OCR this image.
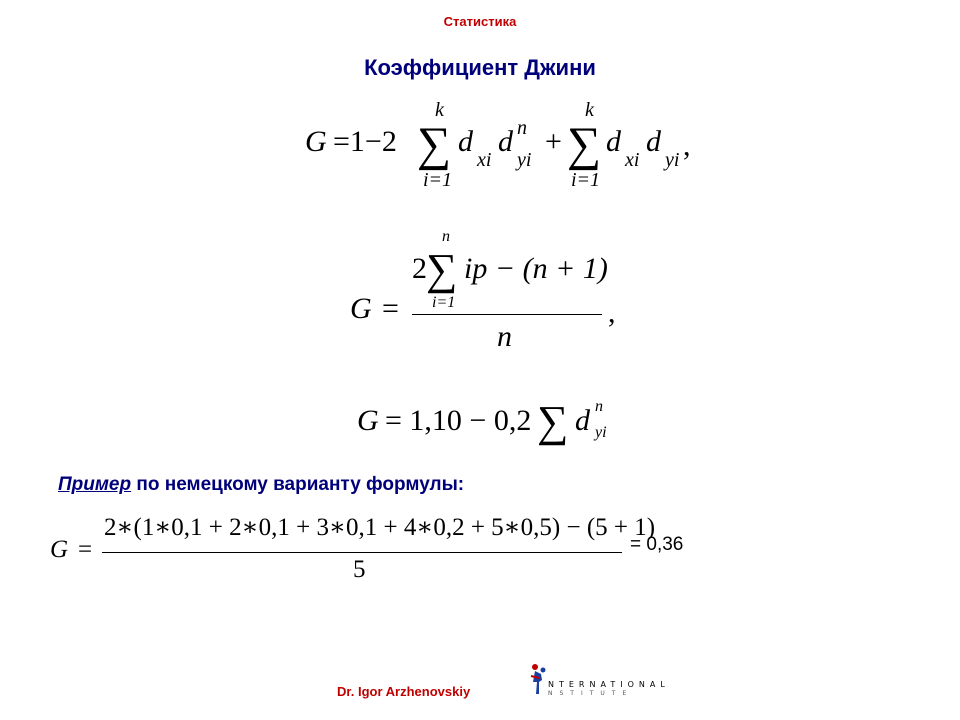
Статистика
Коэффициент Джини
G =1−2 ∑
k
i=1
d
xi
d n
yi
+ ∑
k
i=1
d
xi
d
yi ,
G =
2 ∑
n
i=1
ip − (n + 1)
n
,
G = 1,10 − 0,2 ∑ d n
yi
Пример по немецкому варианту формулы:
G =
2∗(1∗0,1 + 2∗0,1 + 3∗0,1 + 4∗0,2 + 5∗0,5) − (5 + 1)
5
= 0,36
Dr. Igor Arzhenovskiy	NTERNATIONAL
NSTITUTE
